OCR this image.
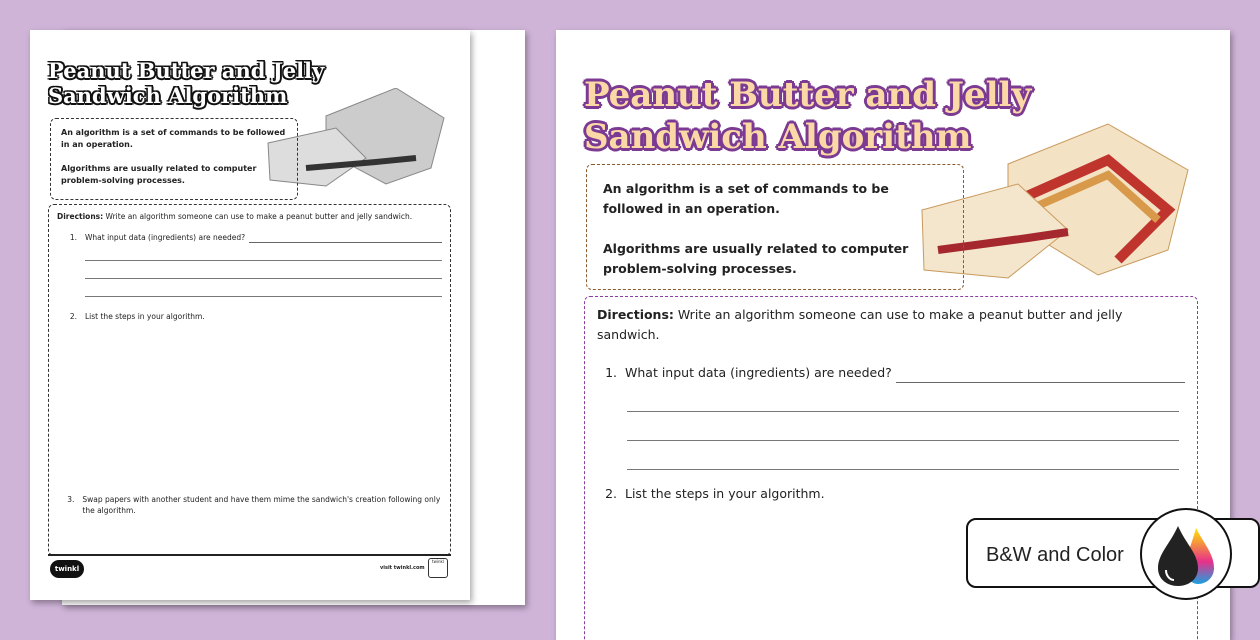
Peanut Butter and Jelly
Sandwich Algorithm

An algorithm is a set of commands to be followed in an operation.

Algorithms are usually related to computer problem-solving processes.

Directions: Write an algorithm someone can use to make a peanut butter and jelly sandwich.

1. What input data (ingredients) are needed?
2. List the steps in your algorithm.
3. Swap papers with another student and have them mime the sandwich's creation following only the algorithm.
twinkl	visit twinkl.com
twinkl
Peanut Butter and Jelly
Sandwich Algorithm

An algorithm is a set of commands to be followed in an operation.

Algorithms are usually related to computer problem-solving processes.

Directions: Write an algorithm someone can use to make a peanut butter and jelly sandwich.

1. What input data (ingredients) are needed?
2. List the steps in your algorithm.
B&W and Color
